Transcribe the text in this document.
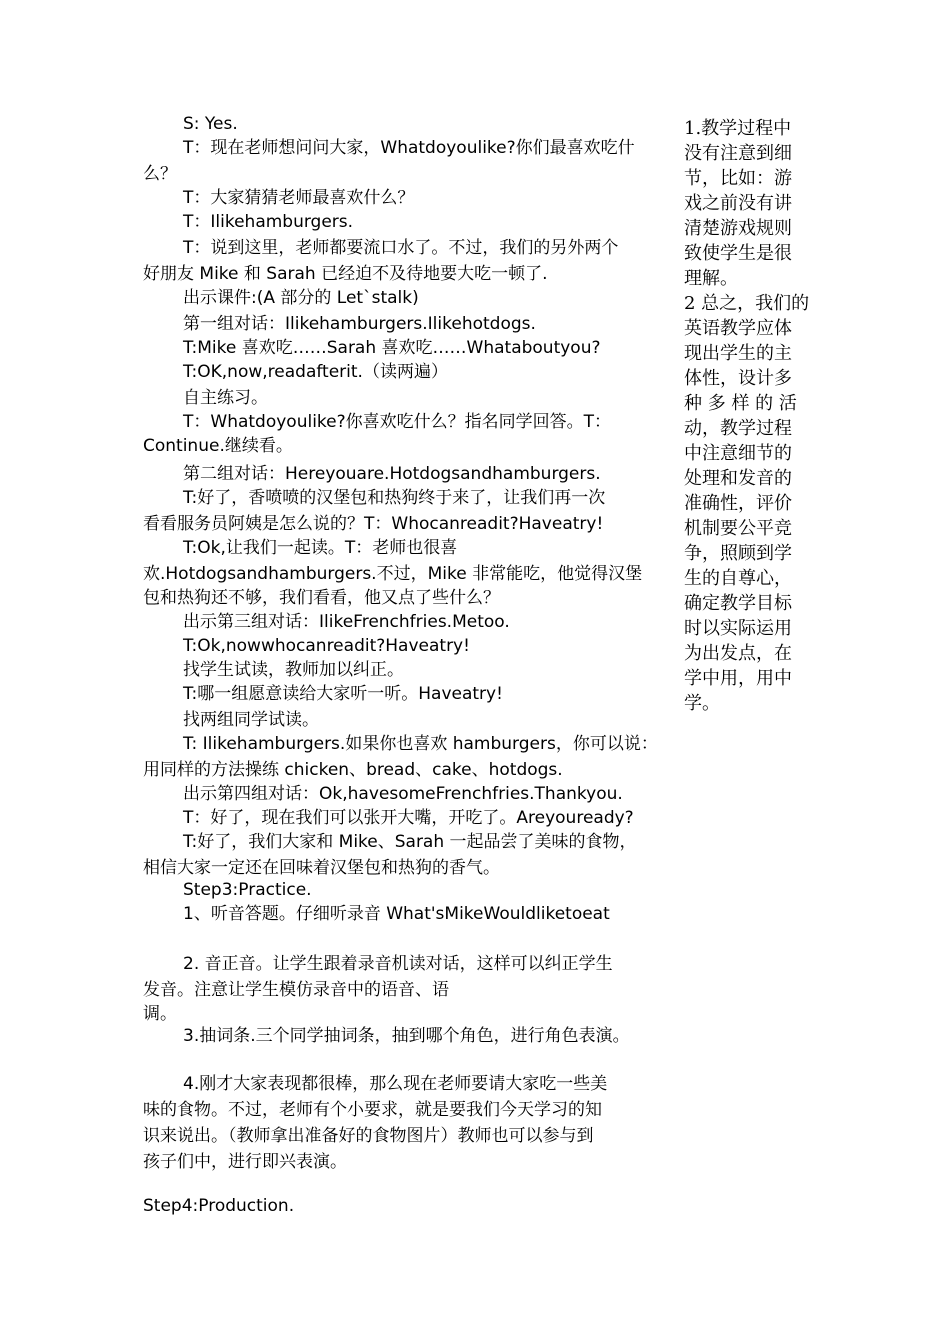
S: Yes.
T：现在老师想问问大家，Whatdoyoulike?你们最喜欢吃什
么？
T：大家猜猜老师最喜欢什么？
T：Ilikehamburgers.
T：说到这里，老师都要流口水了。不过，我们的另外两个
好朋友 Mike 和 Sarah 已经迫不及待地要大吃一顿了.
出示课件:(A 部分的 Let`stalk)
第一组对话：Ilikehamburgers.Ilikehotdogs.
T:Mike 喜欢吃……Sarah 喜欢吃……Whataboutyou?
T:OK,now,readafterit.（读两遍）
自主练习。
T：Whatdoyoulike?你喜欢吃什么？指名同学回答。T：
Continue.继续看。
第二组对话：Hereyouare.Hotdogsandhamburgers.
T:好了，香喷喷的汉堡包和热狗终于来了，让我们再一次
看看服务员阿姨是怎么说的？T：Whocanreadit?Haveatry!
T:Ok,让我们一起读。T：老师也很喜
欢.Hotdogsandhamburgers.不过，Mike 非常能吃，他觉得汉堡
包和热狗还不够，我们看看，他又点了些什么？
出示第三组对话：IlikeFrenchfries.Metoo.
T:Ok,nowwhocanreadit?Haveatry!
找学生试读，教师加以纠正。
T:哪一组愿意读给大家听一听。Haveatry!
找两组同学试读。
T: Ilikehamburgers.如果你也喜欢 hamburgers，你可以说：
用同样的方法操练 chicken、bread、cake、hotdogs.
出示第四组对话：Ok,havesomeFrenchfries.Thankyou.
T：好了，现在我们可以张开大嘴，开吃了。Areyouready?
T:好了，我们大家和 Mike、Sarah 一起品尝了美味的食物，
相信大家一定还在回味着汉堡包和热狗的香气。
Step3:Practice.
1、听音答题。仔细听录音 What'sMikeWouldliketoeat
2. 音正音。让学生跟着录音机读对话，这样可以纠正学生
发音。注意让学生模仿录音中的语音、语
调。
3.抽词条.三个同学抽词条，抽到哪个角色，进行角色表演。
4.刚才大家表现都很棒，那么现在老师要请大家吃一些美
味的食物。不过，老师有个小要求，就是要我们今天学习的知
识来说出。（教师拿出准备好的食物图片）教师也可以参与到
孩子们中，进行即兴表演。
Step4:Production.
1.教学过程中
没有注意到细
节，比如：游
戏之前没有讲
清楚游戏规则
致使学生是很
理解。
2 总之，我们的
英语教学应体
现出学生的主
体性，设计多
种 多 样 的 活
动，教学过程
中注意细节的
处理和发音的
准确性，评价
机制要公平竞
争，照顾到学
生的自尊心，
确定教学目标
时以实际运用
为出发点，在
学中用，用中
学。
